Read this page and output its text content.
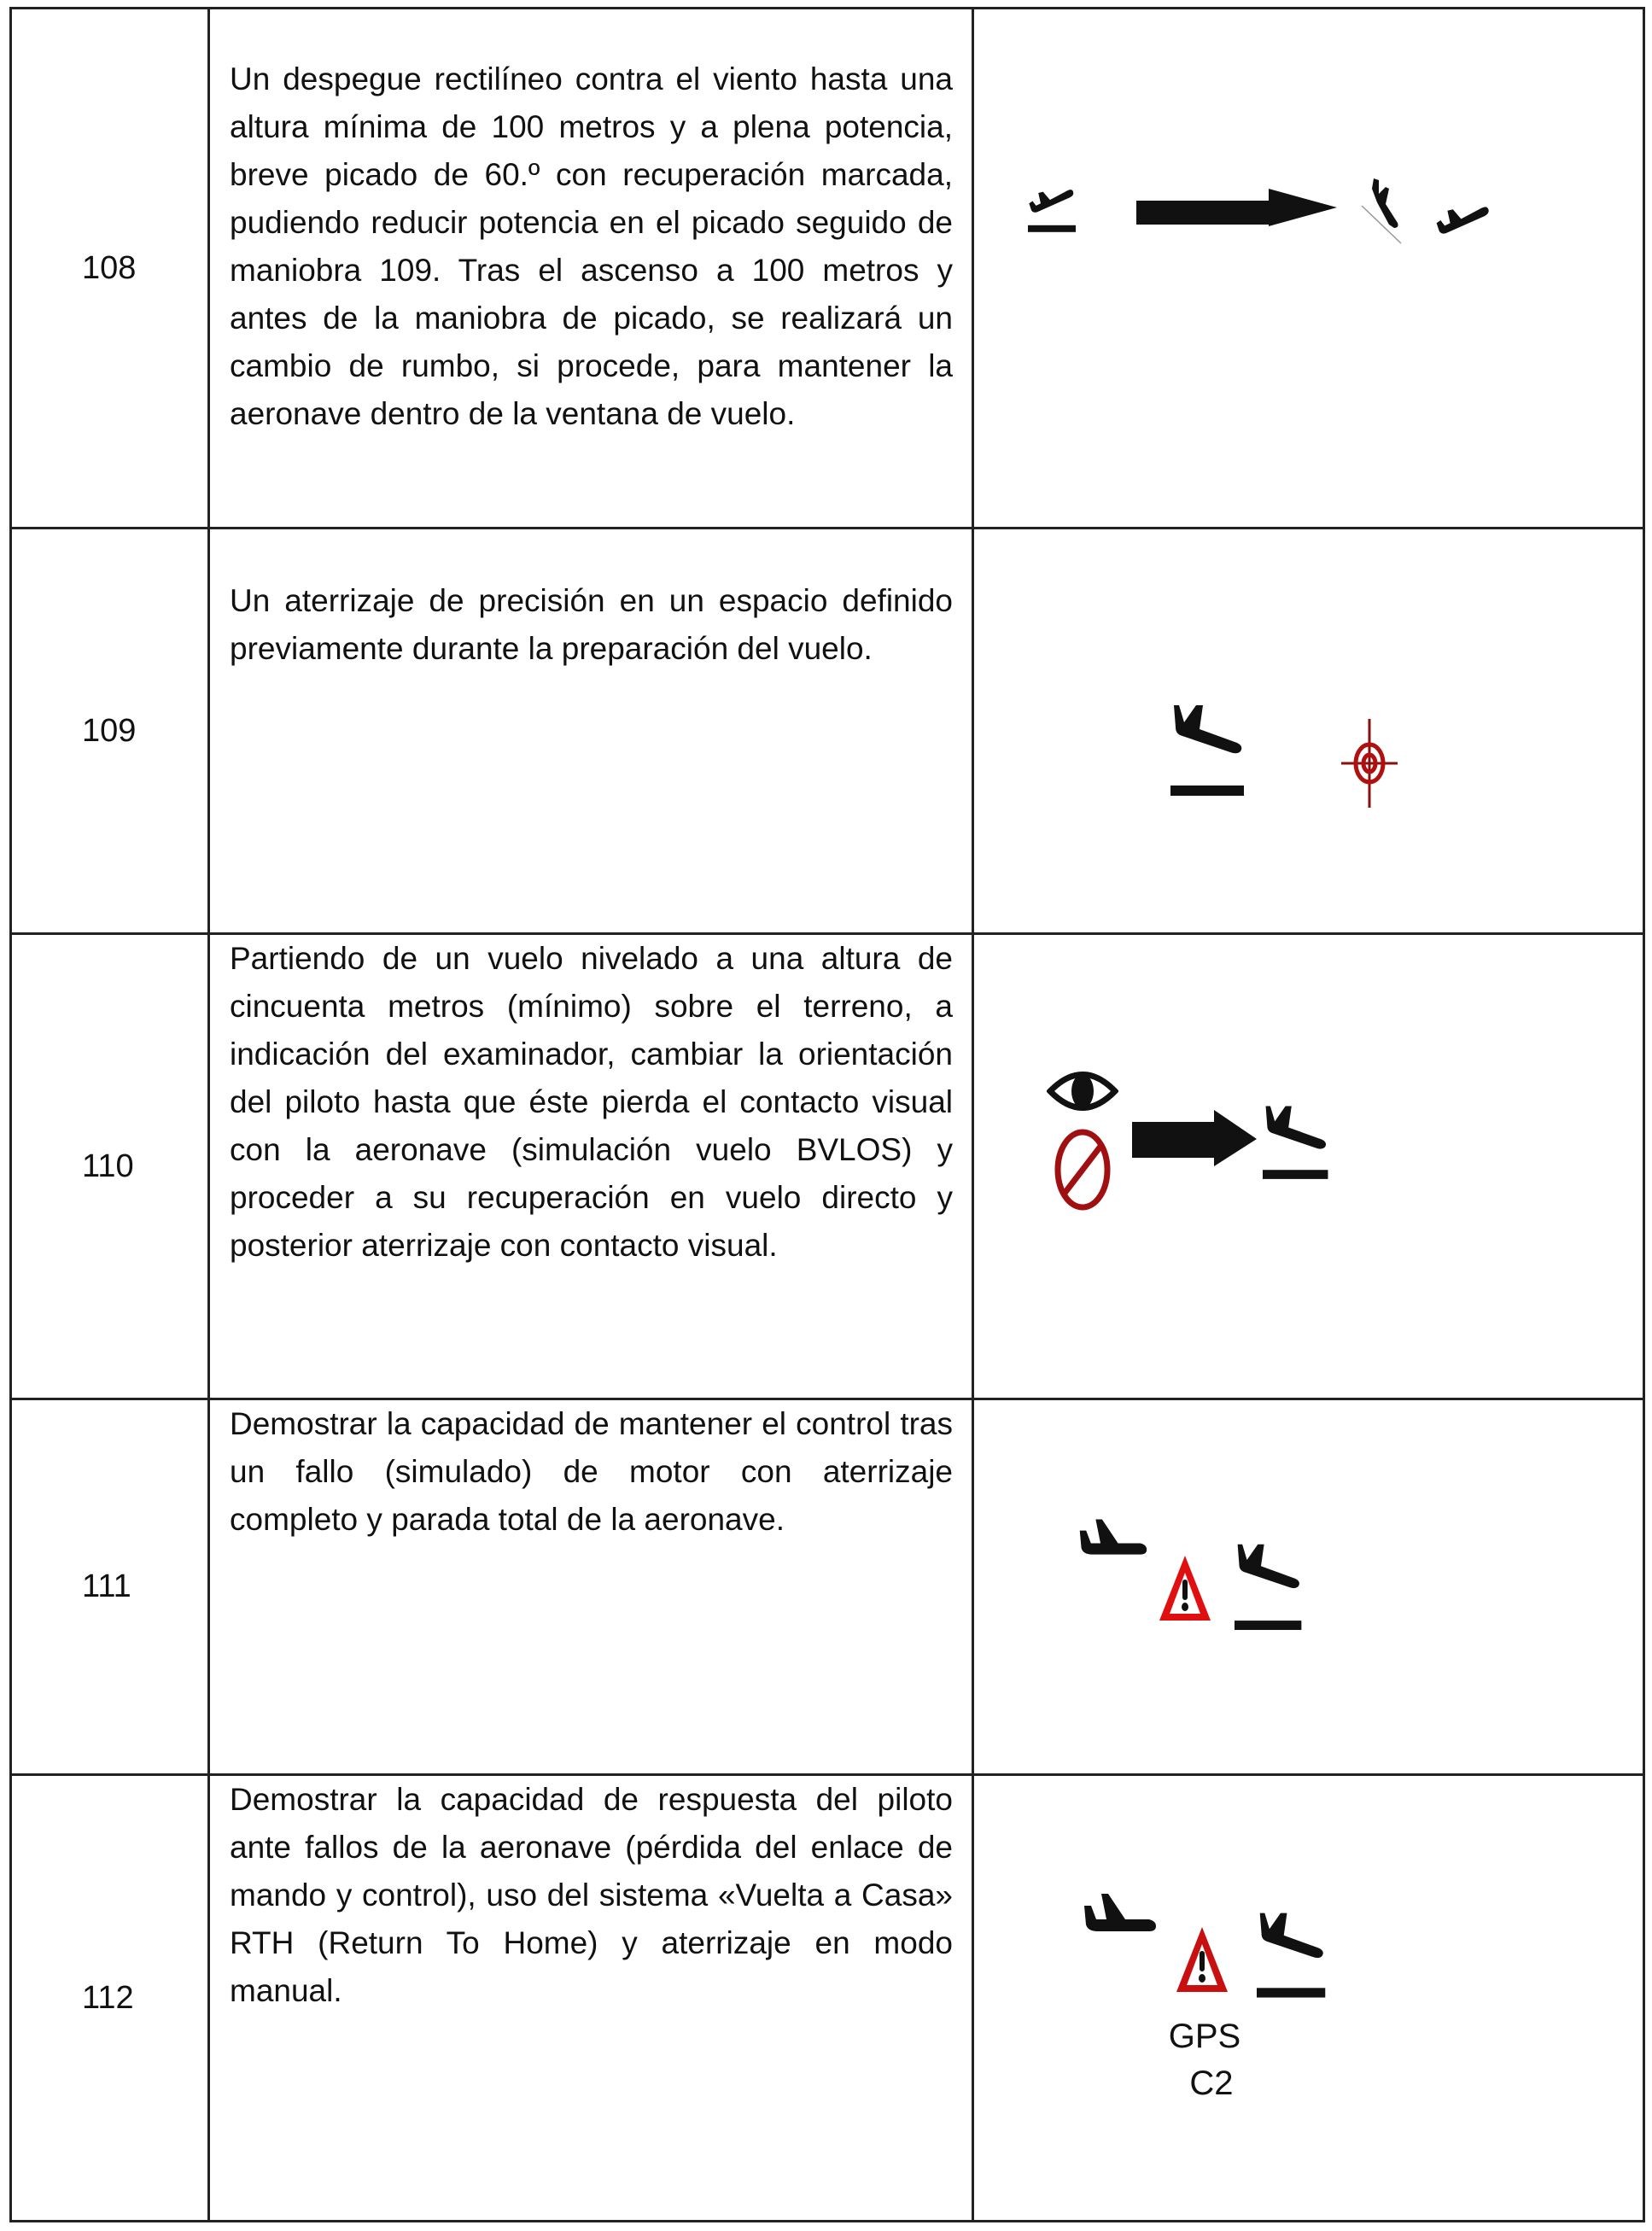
108

Un despegue rectilíneo contra el viento hasta una altura mínima de 100 metros y a plena potencia, breve picado de 60.º con recuperación marcada, pudiendo reducir potencia en el picado seguido de maniobra 109. Tras el ascenso a 100 metros y antes de la maniobra de picado, se realizará un cambio de rumbo, si procede, para mantener la aeronave dentro de la ventana de vuelo.

109

Un aterrizaje de precisión en un espacio definido previamente durante la preparación del vuelo.

110

Partiendo de un vuelo nivelado a una altura de cincuenta metros (mínimo) sobre el terreno, a indicación del examinador, cambiar la orientación del piloto hasta que éste pierda el contacto visual con la aeronave (simulación vuelo BVLOS) y proceder a su recuperación en vuelo directo y posterior aterrizaje con contacto visual.

111

Demostrar la capacidad de mantener el control tras un fallo (simulado) de motor con aterrizaje completo y parada total de la aeronave.

112

Demostrar la capacidad de respuesta del piloto ante fallos de la aeronave (pérdida del enlace de mando y control), uso del sistema «Vuelta a Casa» RTH (Return To Home) y aterrizaje en modo manual.

GPS
C2
